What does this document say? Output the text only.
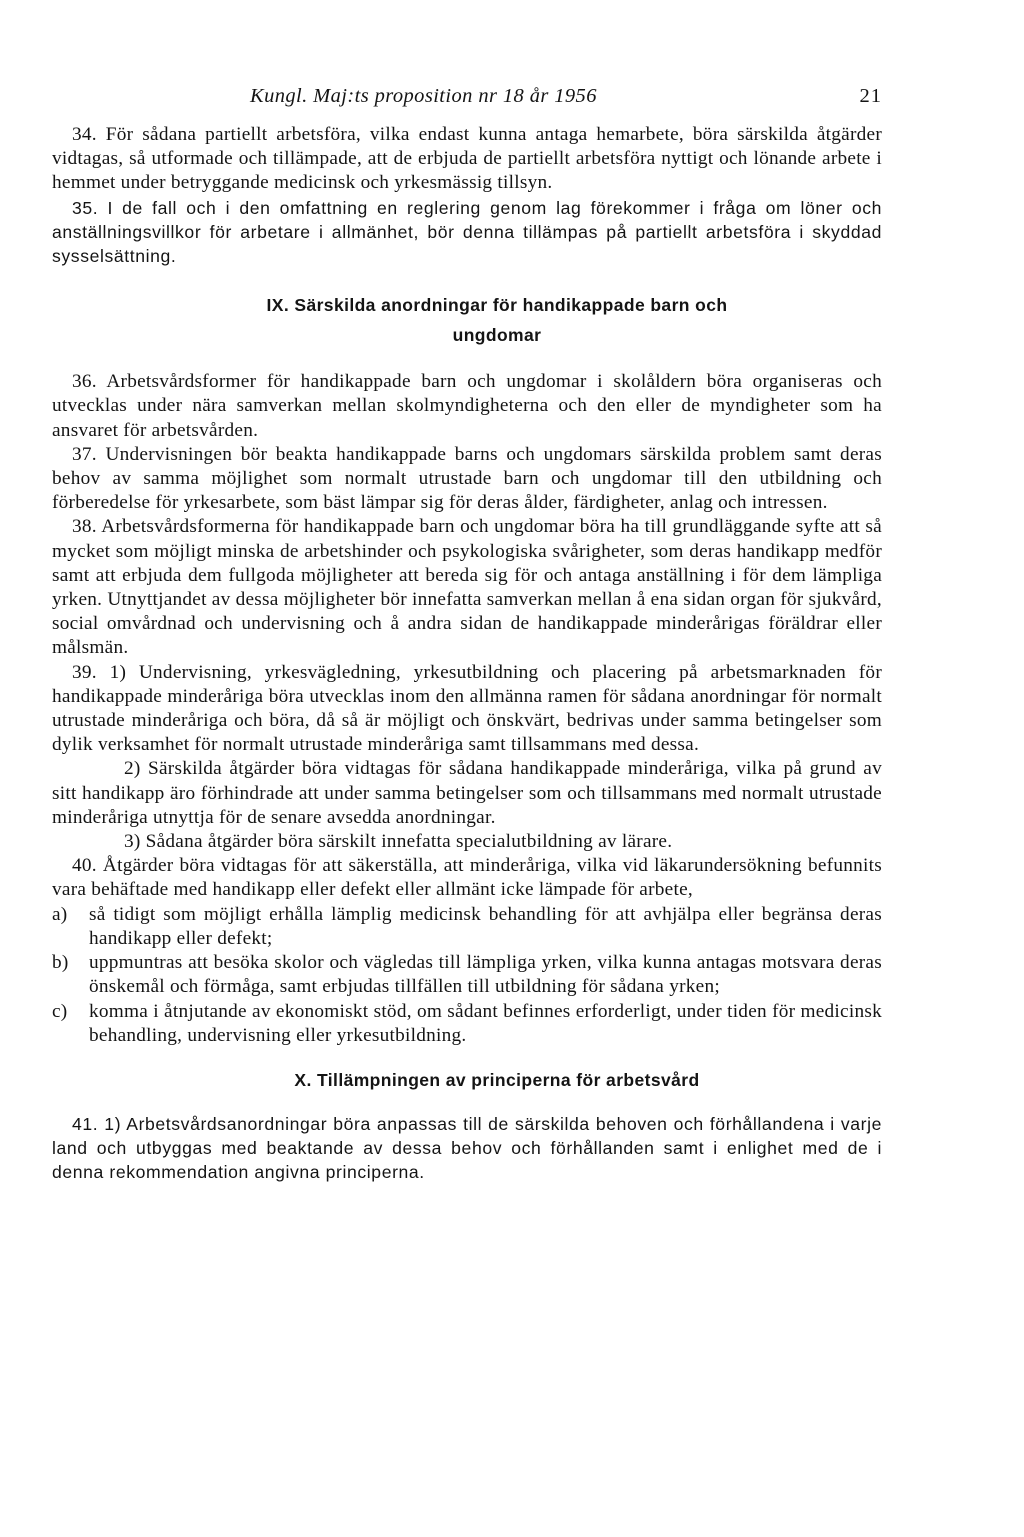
Kungl. Maj:ts proposition nr 18 år 1956	21

34. För sådana partiellt arbetsföra, vilka endast kunna antaga hemarbete, böra särskilda åtgärder vidtagas, så utformade och tillämpade, att de erbjuda de partiellt arbetsföra nyttigt och lönande arbete i hemmet under betryggande medicinsk och yrkesmässig tillsyn.

35. I de fall och i den omfattning en reglering genom lag förekommer i fråga om löner och anställningsvillkor för arbetare i allmänhet, bör denna tillämpas på partiellt arbetsföra i skyddad sysselsättning.

IX. Särskilda anordningar för handikappade barn och
ungdomar

36. Arbetsvårdsformer för handikappade barn och ungdomar i skolåldern böra organiseras och utvecklas under nära samverkan mellan skolmyndigheterna och den eller de myndigheter som ha ansvaret för arbetsvården.

37. Undervisningen bör beakta handikappade barns och ungdomars särskilda problem samt deras behov av samma möjlighet som normalt utrustade barn och ungdomar till den utbildning och förberedelse för yrkesarbete, som bäst lämpar sig för deras ålder, färdigheter, anlag och intressen.

38. Arbetsvårdsformerna för handikappade barn och ungdomar böra ha till grundläggande syfte att så mycket som möjligt minska de arbetshinder och psykologiska svårigheter, som deras handikapp medför samt att erbjuda dem fullgoda möjligheter att bereda sig för och antaga anställning i för dem lämpliga yrken. Utnyttjandet av dessa möjligheter bör innefatta samverkan mellan å ena sidan organ för sjukvård, social omvårdnad och undervisning och å andra sidan de handikappade minderårigas föräldrar eller målsmän.

39. 1) Undervisning, yrkesvägledning, yrkesutbildning och placering på arbetsmarknaden för handikappade minderåriga böra utvecklas inom den allmänna ramen för sådana anordningar för normalt utrustade minderåriga och böra, då så är möjligt och önskvärt, bedrivas under samma betingelser som dylik verksamhet för normalt utrustade minderåriga samt tillsammans med dessa.

2) Särskilda åtgärder böra vidtagas för sådana handikappade minderåriga, vilka på grund av sitt handikapp äro förhindrade att under samma betingelser som och tillsammans med normalt utrustade minderåriga utnyttja för de senare avsedda anordningar.

3) Sådana åtgärder böra särskilt innefatta specialutbildning av lärare.

40. Åtgärder böra vidtagas för att säkerställa, att minderåriga, vilka vid läkarundersökning befunnits vara behäftade med handikapp eller defekt eller allmänt icke lämpade för arbete,

a)	så tidigt som möjligt erhålla lämplig medicinsk behandling för att avhjälpa eller begränsa deras handikapp eller defekt;
b)	uppmuntras att besöka skolor och vägledas till lämpliga yrken, vilka kunna antagas motsvara deras önskemål och förmåga, samt erbjudas tillfällen till utbildning för sådana yrken;
c)	komma i åtnjutande av ekonomiskt stöd, om sådant befinnes erforderligt, under tiden för medicinsk behandling, undervisning eller yrkesutbildning.
X. Tillämpningen av principerna för arbetsvård

41. 1) Arbetsvårdsanordningar böra anpassas till de särskilda behoven och förhållandena i varje land och utbyggas med beaktande av dessa behov och förhållanden samt i enlighet med de i denna rekommendation angivna principerna.
